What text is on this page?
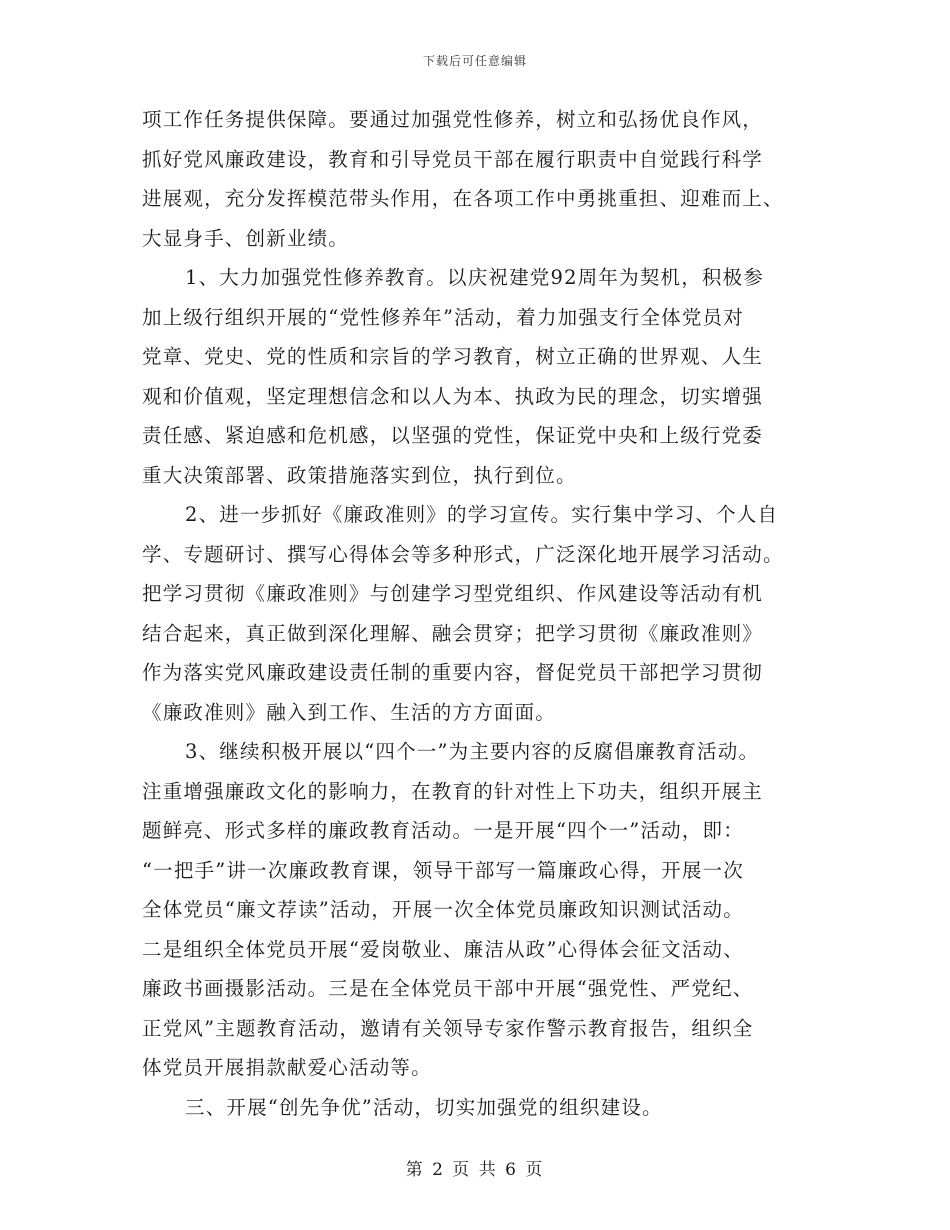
下载后可任意编辑
项工作任务提供保障。要通过加强党性修养，树立和弘扬优良作风，
抓好党风廉政建设，教育和引导党员干部在履行职责中自觉践行科学
进展观，充分发挥模范带头作用，在各项工作中勇挑重担、迎难而上、
大显身手、创新业绩。
1、大力加强党性修养教育。以庆祝建党92周年为契机，积极参
加上级行组织开展的“党性修养年”活动，着力加强支行全体党员对
党章、党史、党的性质和宗旨的学习教育，树立正确的世界观、人生
观和价值观，坚定理想信念和以人为本、执政为民的理念，切实增强
责任感、紧迫感和危机感，以坚强的党性，保证党中央和上级行党委
重大决策部署、政策措施落实到位，执行到位。
2、进一步抓好《廉政准则》的学习宣传。实行集中学习、个人自
学、专题研讨、撰写心得体会等多种形式，广泛深化地开展学习活动。
把学习贯彻《廉政准则》与创建学习型党组织、作风建设等活动有机
结合起来，真正做到深化理解、融会贯穿；把学习贯彻《廉政准则》
作为落实党风廉政建设责任制的重要内容，督促党员干部把学习贯彻
《廉政准则》融入到工作、生活的方方面面。
3、继续积极开展以“四个一”为主要内容的反腐倡廉教育活动。
注重增强廉政文化的影响力，在教育的针对性上下功夫，组织开展主
题鲜亮、形式多样的廉政教育活动。一是开展“四个一”活动，即：
“一把手”讲一次廉政教育课，领导干部写一篇廉政心得，开展一次
全体党员“廉文荐读”活动，开展一次全体党员廉政知识测试活动。
二是组织全体党员开展“爱岗敬业、廉洁从政”心得体会征文活动、
廉政书画摄影活动。三是在全体党员干部中开展“强党性、严党纪、
正党风”主题教育活动，邀请有关领导专家作警示教育报告，组织全
体党员开展捐款献爱心活动等。
三、开展“创先争优”活动，切实加强党的组织建设。
第 2 页 共 6 页
